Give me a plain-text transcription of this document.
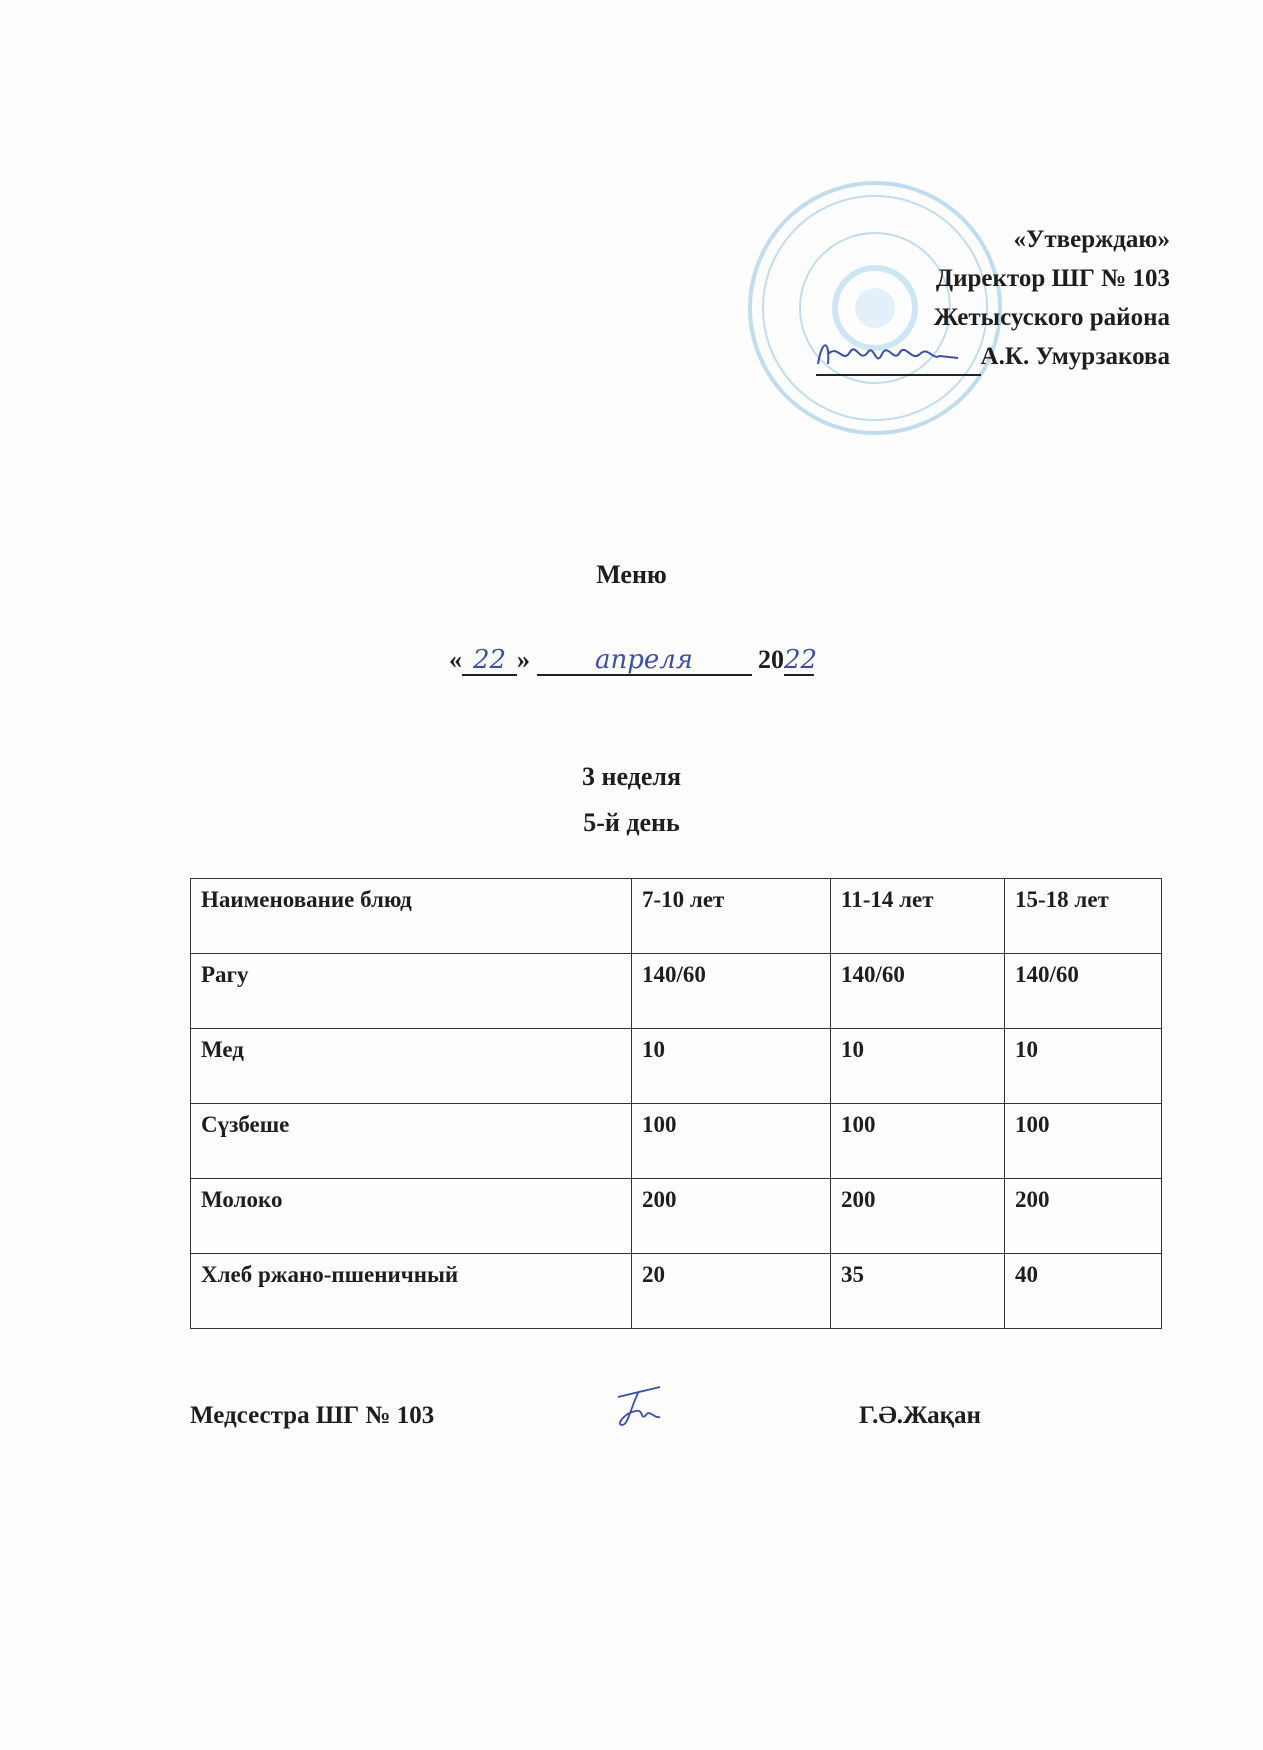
«Утверждаю»
Директор ШГ № 103
Жетысуского района
А.К. Умурзакова
Меню
« 22 » апреля 2022
3 неделя
5-й день
Наименование блюд	7-10 лет	11-14 лет	15-18 лет
Рагу	140/60	140/60	140/60
Мед	10	10	10
Сүзбеше	100	100	100
Молоко	200	200	200
Хлеб ржано-пшеничный	20	35	40
Медсестра ШГ № 103	Г.Ә.Жақан
